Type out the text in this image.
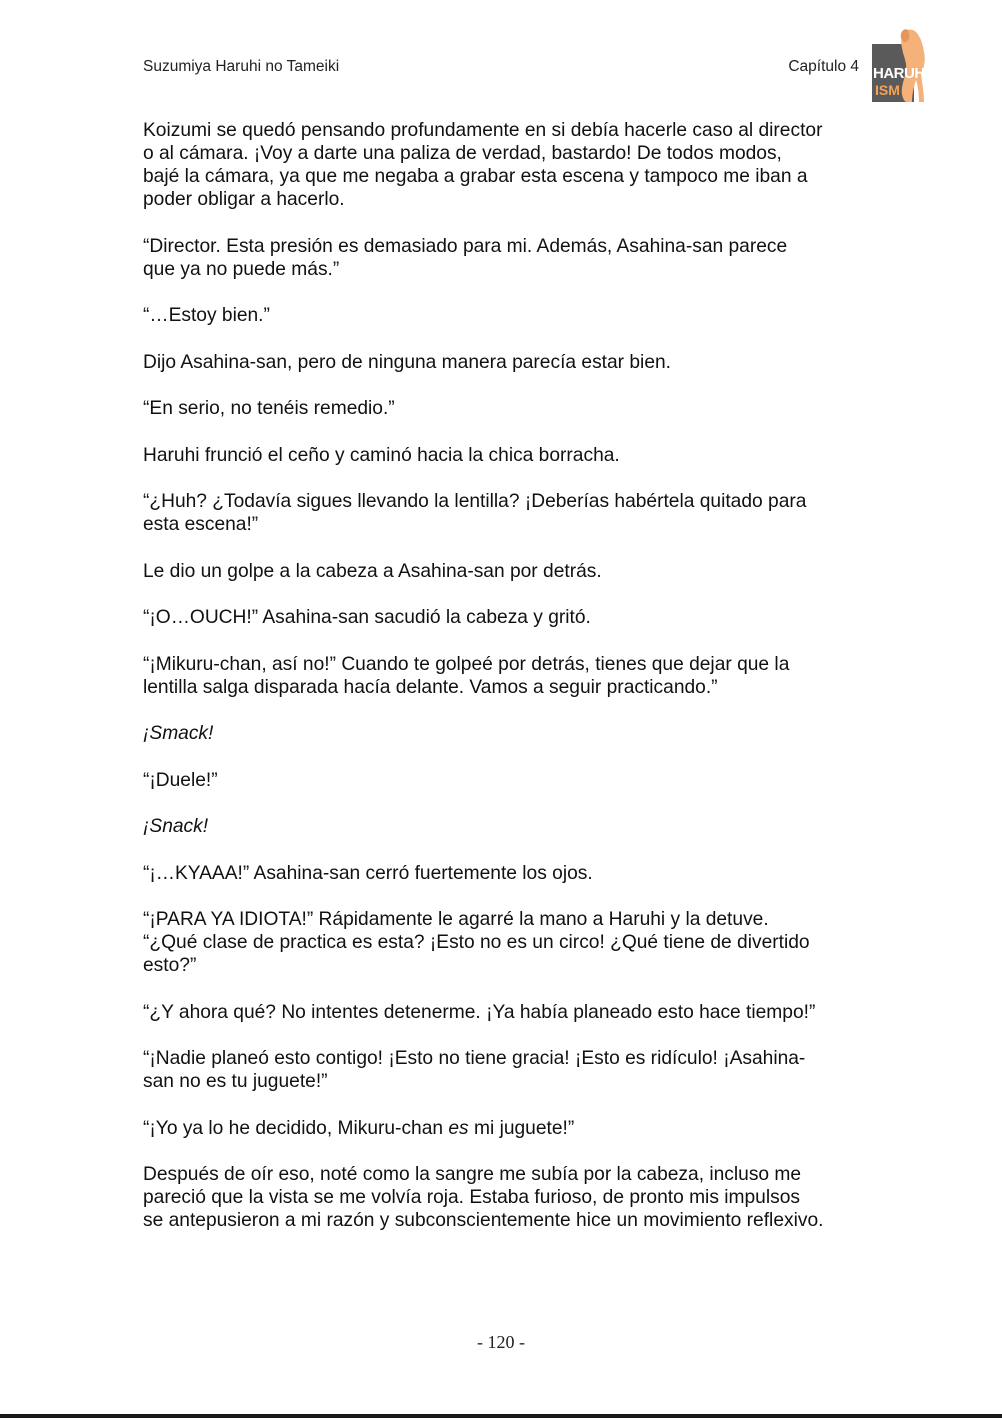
Suzumiya Haruhi no Tameiki	Capítulo 4 HARUHI
ISM

Koizumi se quedó pensando profundamente en si debía hacerle caso al director
o al cámara. ¡Voy a darte una paliza de verdad, bastardo! De todos modos,
bajé la cámara, ya que me negaba a grabar esta escena y tampoco me iban a
poder obligar a hacerlo.

“Director. Esta presión es demasiado para mi. Además, Asahina-san parece
que ya no puede más.”

“…Estoy bien.”

Dijo Asahina-san, pero de ninguna manera parecía estar bien.

“En serio, no tenéis remedio.”

Haruhi frunció el ceño y caminó hacia la chica borracha.

“¿Huh? ¿Todavía sigues llevando la lentilla? ¡Deberías habértela quitado para
esta escena!”

Le dio un golpe a la cabeza a Asahina-san por detrás.

“¡O…OUCH!” Asahina-san sacudió la cabeza y gritó.

“¡Mikuru-chan, así no!” Cuando te golpeé por detrás, tienes que dejar que la
lentilla salga disparada hacía delante. Vamos a seguir practicando.”

¡Smack!

“¡Duele!”

¡Snack!

“¡…KYAAA!” Asahina-san cerró fuertemente los ojos.

“¡PARA YA IDIOTA!” Rápidamente le agarré la mano a Haruhi y la detuve.
“¿Qué clase de practica es esta? ¡Esto no es un circo! ¿Qué tiene de divertido
esto?”

“¿Y ahora qué? No intentes detenerme. ¡Ya había planeado esto hace tiempo!”

“¡Nadie planeó esto contigo! ¡Esto no tiene gracia! ¡Esto es ridículo! ¡Asahina-
san no es tu juguete!”

“¡Yo ya lo he decidido, Mikuru-chan es mi juguete!”

Después de oír eso, noté como la sangre me subía por la cabeza, incluso me
pareció que la vista se me volvía roja. Estaba furioso, de pronto mis impulsos
se antepusieron a mi razón y subconscientemente hice un movimiento reflexivo.

- 120 -
